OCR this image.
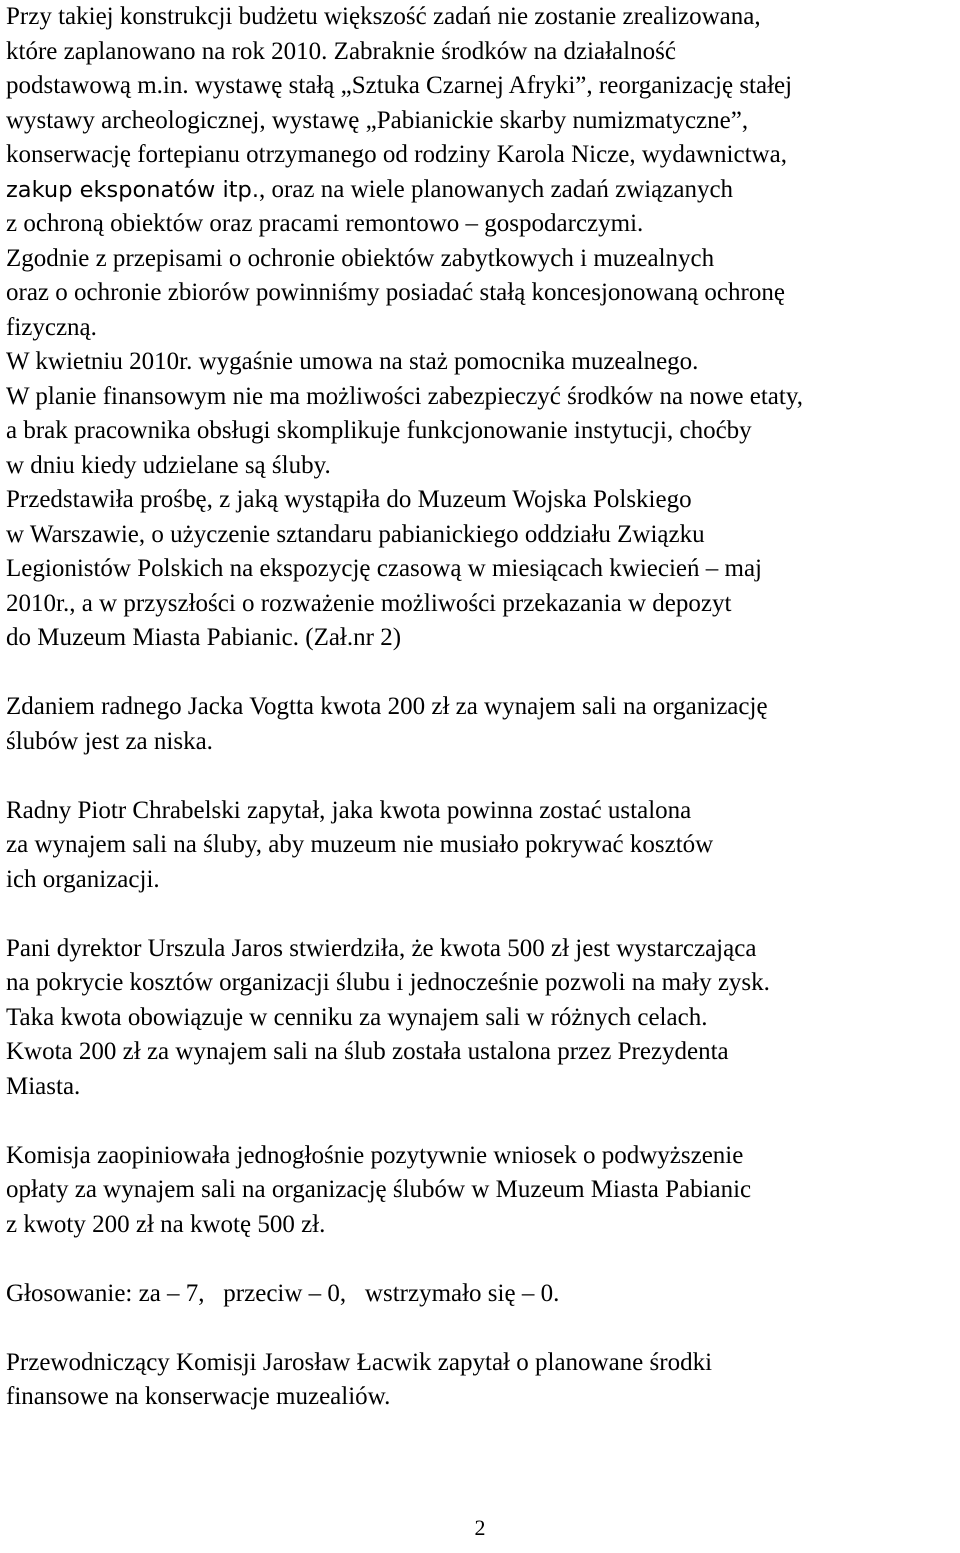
Przy takiej konstrukcji budżetu większość zadań nie zostanie zrealizowana,
które zaplanowano na rok 2010. Zabraknie środków na działalność
podstawową m.in. wystawę stałą „Sztuka Czarnej Afryki”, reorganizację stałej
wystawy archeologicznej, wystawę „Pabianickie skarby numizmatyczne”,
konserwację fortepianu otrzymanego od rodziny Karola Nicze, wydawnictwa,
zakup eksponatów itp., oraz na wiele planowanych zadań związanych
z ochroną obiektów oraz pracami remontowo – gospodarczymi.
Zgodnie z przepisami o ochronie obiektów zabytkowych i muzealnych
oraz o ochronie zbiorów powinniśmy posiadać stałą koncesjonowaną ochronę
fizyczną.
W kwietniu 2010r. wygaśnie umowa na staż pomocnika muzealnego.
W planie finansowym nie ma możliwości zabezpieczyć środków na nowe etaty,
a brak pracownika obsługi skomplikuje funkcjonowanie instytucji, choćby
w dniu kiedy udzielane są śluby.
Przedstawiła prośbę, z jaką wystąpiła do Muzeum Wojska Polskiego
w Warszawie, o użyczenie sztandaru pabianickiego oddziału Związku
Legionistów Polskich na ekspozycję czasową w miesiącach kwiecień – maj
2010r., a w przyszłości o rozważenie możliwości przekazania w depozyt
do Muzeum Miasta Pabianic. (Zał.nr 2)
Zdaniem radnego Jacka Vogtta kwota 200 zł za wynajem sali na organizację
ślubów jest za niska.
Radny Piotr Chrabelski zapytał, jaka kwota powinna zostać ustalona
za wynajem sali na śluby, aby muzeum nie musiało pokrywać kosztów
ich organizacji.
Pani dyrektor Urszula Jaros stwierdziła, że kwota 500 zł jest wystarczająca
na pokrycie kosztów organizacji ślubu i jednocześnie pozwoli na mały zysk.
Taka kwota obowiązuje w cenniku za wynajem sali w różnych celach.
Kwota 200 zł za wynajem sali na ślub została ustalona przez Prezydenta
Miasta.
Komisja zaopiniowała jednogłośnie pozytywnie wniosek o podwyższenie
opłaty za wynajem sali na organizację ślubów w Muzeum Miasta Pabianic
z kwoty 200 zł na kwotę 500 zł.
Głosowanie: za – 7,   przeciw – 0,   wstrzymało się – 0.
Przewodniczący Komisji Jarosław Łacwik zapytał o planowane środki
finansowe na konserwacje muzealiów.
2
